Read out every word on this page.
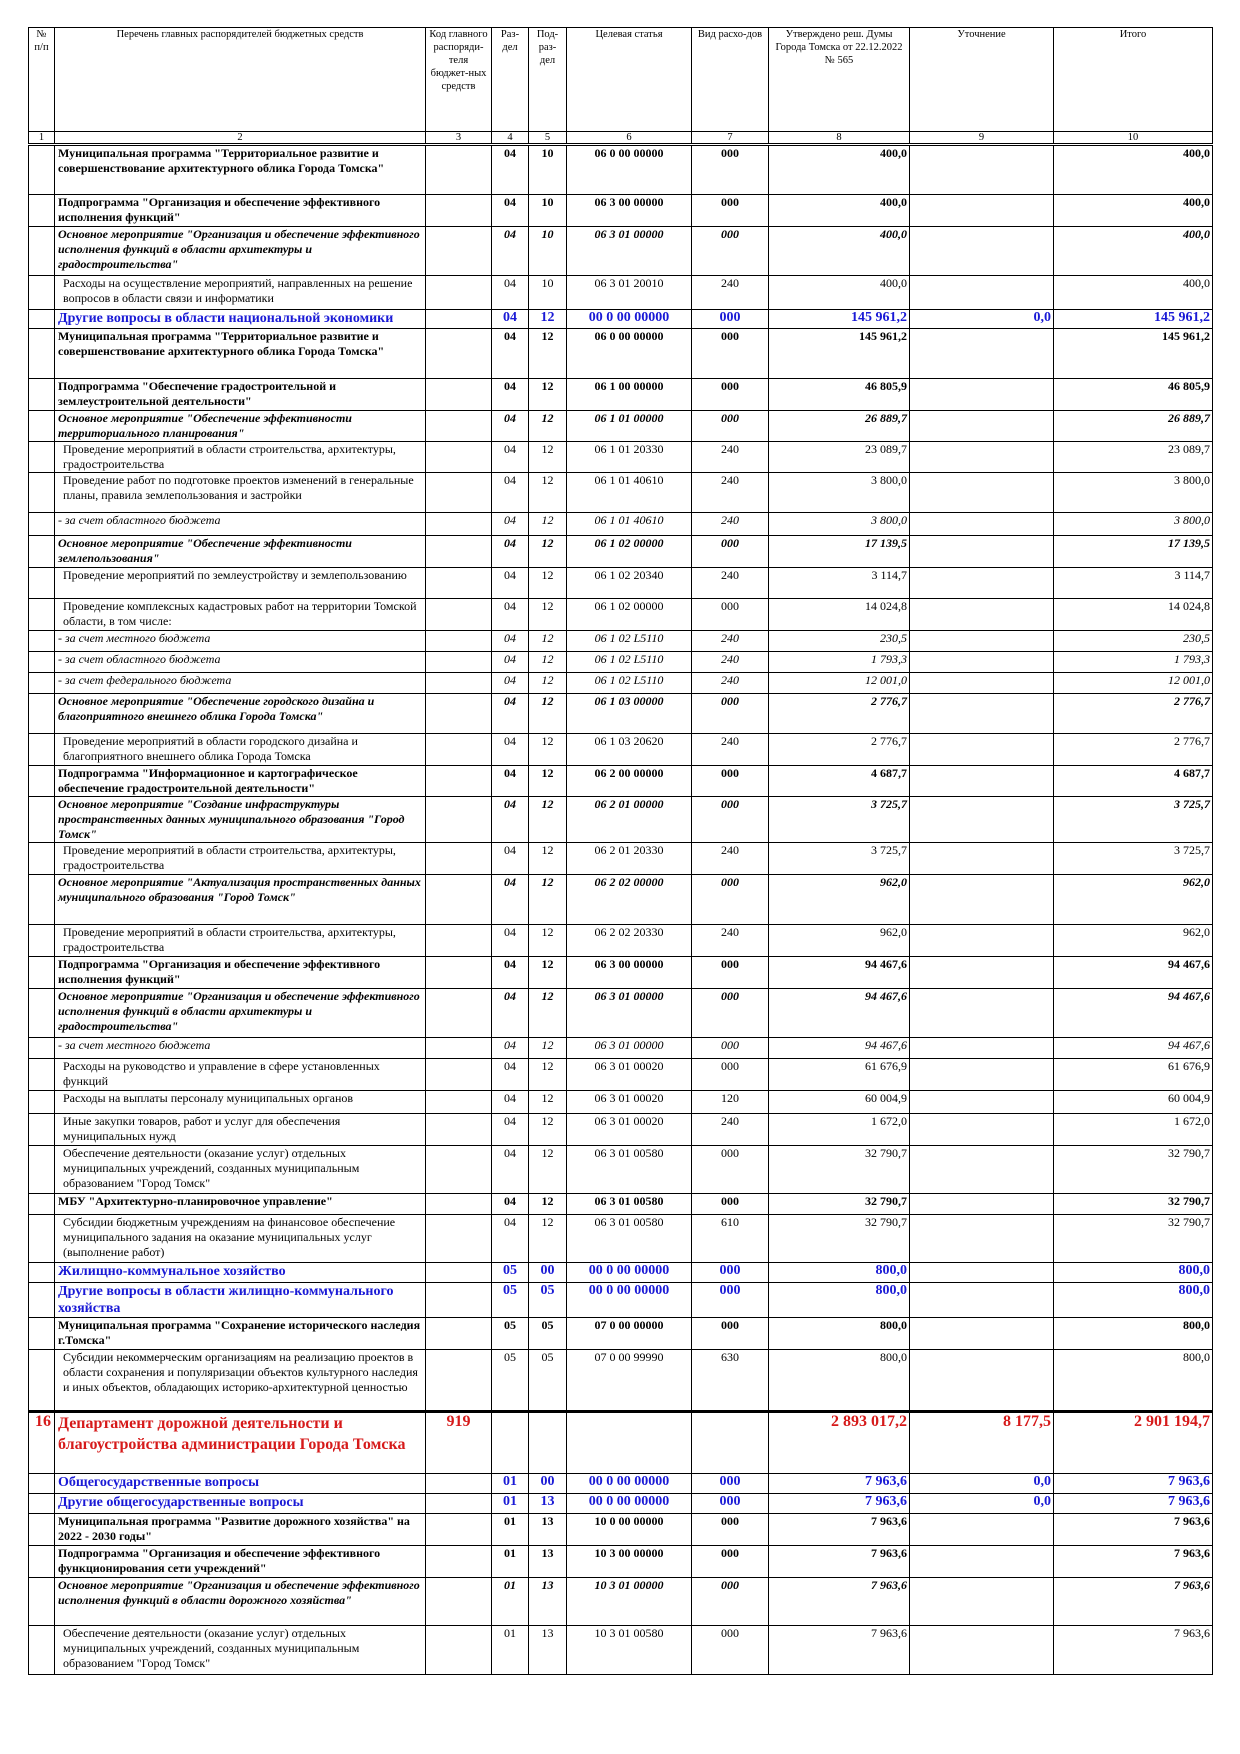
№ п/п	Перечень главных распорядителей бюджетных средств	Код главного распоряди-теля бюджет-ных средств	Раз-дел	Под-раз-дел	Целевая статья	Вид расхо-дов	Утверждено реш. Думы Города Томска от 22.12.2022 № 565	Уточнение	Итого
1	2	3	4	5	6	7	8	9	10
	Муниципальная программа "Территориальное развитие и совершенствование архитектурного облика Города Томска"		04	10	06 0 00 00000	000	400,0		400,0
	Подпрограмма "Организация и обеспечение эффективного исполнения функций"		04	10	06 3 00 00000	000	400,0		400,0
	Основное мероприятие "Организация и обеспечение эффективного исполнения функций в области архитектуры и градостроительства"		04	10	06 3 01 00000	000	400,0		400,0
	Расходы на осуществление мероприятий, направленных на решение вопросов в области связи и информатики		04	10	06 3 01 20010	240	400,0		400,0
	Другие вопросы в области национальной экономики		04	12	00 0 00 00000	000	145 961,2	0,0	145 961,2
	Муниципальная программа "Территориальное развитие и совершенствование архитектурного облика Города Томска"		04	12	06 0 00 00000	000	145 961,2		145 961,2
	Подпрограмма "Обеспечение градостроительной и землеустроительной деятельности"		04	12	06 1 00 00000	000	46 805,9		46 805,9
	Основное мероприятие "Обеспечение эффективности территориального планирования"		04	12	06 1 01 00000	000	26 889,7		26 889,7
	Проведение мероприятий в области строительства, архитектуры, градостроительства		04	12	06 1 01 20330	240	23 089,7		23 089,7
	Проведение работ по подготовке проектов изменений в генеральные планы, правила землепользования и застройки		04	12	06 1 01 40610	240	3 800,0		3 800,0
	- за счет областного бюджета		04	12	06 1 01 40610	240	3 800,0		3 800,0
	Основное мероприятие "Обеспечение эффективности землепользования"		04	12	06 1 02 00000	000	17 139,5		17 139,5
	Проведение мероприятий по землеустройству и землепользованию		04	12	06 1 02 20340	240	3 114,7		3 114,7
	Проведение комплексных кадастровых работ на территории Томской области, в том числе:		04	12	06 1 02 00000	000	14 024,8		14 024,8
	- за счет местного бюджета		04	12	06 1 02 L5110	240	230,5		230,5
	- за счет областного бюджета		04	12	06 1 02 L5110	240	1 793,3		1 793,3
	- за счет федерального бюджета		04	12	06 1 02 L5110	240	12 001,0		12 001,0
	Основное мероприятие "Обеспечение городского дизайна и благоприятного внешнего облика Города Томска"		04	12	06 1 03 00000	000	2 776,7		2 776,7
	Проведение мероприятий в области городского дизайна и благоприятного внешнего облика Города Томска		04	12	06 1 03 20620	240	2 776,7		2 776,7
	Подпрограмма "Информационное и картографическое обеспечение градостроительной деятельности"		04	12	06 2 00 00000	000	4 687,7		4 687,7
	Основное мероприятие "Создание инфраструктуры пространственных данных муниципального образования "Город Томск"		04	12	06 2 01 00000	000	3 725,7		3 725,7
	Проведение мероприятий в области строительства, архитектуры, градостроительства		04	12	06 2 01 20330	240	3 725,7		3 725,7
	Основное мероприятие "Актуализация пространственных данных муниципального образования "Город Томск"		04	12	06 2 02 00000	000	962,0		962,0
	Проведение мероприятий в области строительства, архитектуры, градостроительства		04	12	06 2 02 20330	240	962,0		962,0
	Подпрограмма "Организация и обеспечение эффективного исполнения функций"		04	12	06 3 00 00000	000	94 467,6		94 467,6
	Основное мероприятие "Организация и обеспечение эффективного исполнения функций в области архитектуры и градостроительства"		04	12	06 3 01 00000	000	94 467,6		94 467,6
	- за счет местного бюджета		04	12	06 3 01 00000	000	94 467,6		94 467,6
	Расходы на руководство и управление в сфере установленных функций		04	12	06 3 01 00020	000	61 676,9		61 676,9
	Расходы на выплаты персоналу муниципальных органов		04	12	06 3 01 00020	120	60 004,9		60 004,9
	Иные закупки товаров, работ и услуг для обеспечения муниципальных нужд		04	12	06 3 01 00020	240	1 672,0		1 672,0
	Обеспечение деятельности (оказание услуг) отдельных муниципальных учреждений, созданных муниципальным образованием "Город Томск"		04	12	06 3 01 00580	000	32 790,7		32 790,7
	МБУ "Архитектурно-планировочное управление"		04	12	06 3 01 00580	000	32 790,7		32 790,7
	Субсидии бюджетным учреждениям на финансовое обеспечение муниципального задания на оказание муниципальных услуг (выполнение работ)		04	12	06 3 01 00580	610	32 790,7		32 790,7
	Жилищно-коммунальное хозяйство		05	00	00 0 00 00000	000	800,0		800,0
	Другие вопросы в области жилищно-коммунального хозяйства		05	05	00 0 00 00000	000	800,0		800,0
	Муниципальная программа "Сохранение исторического наследия г.Томска"		05	05	07 0 00 00000	000	800,0		800,0
	Субсидии некоммерческим организациям на реализацию проектов в области сохранения и популяризации объектов культурного наследия и иных объектов, обладающих историко-архитектурной ценностью		05	05	07 0 00 99990	630	800,0		800,0
16	Департамент дорожной деятельности и благоустройства администрации Города Томска	919					2 893 017,2	8 177,5	2 901 194,7
	Общегосударственные вопросы		01	00	00 0 00 00000	000	7 963,6	0,0	7 963,6
	Другие общегосударственные вопросы		01	13	00 0 00 00000	000	7 963,6	0,0	7 963,6
	Муниципальная программа "Развитие дорожного хозяйства" на 2022 - 2030 годы"		01	13	10 0 00 00000	000	7 963,6		7 963,6
	Подпрограмма "Организация и обеспечение эффективного функционирования сети учреждений"		01	13	10 3 00 00000	000	7 963,6		7 963,6
	Основное мероприятие "Организация и обеспечение эффективного исполнения функций в области дорожного хозяйства"		01	13	10 3 01 00000	000	7 963,6		7 963,6
	Обеспечение деятельности (оказание услуг) отдельных муниципальных учреждений, созданных муниципальным образованием "Город Томск"		01	13	10 3 01 00580	000	7 963,6		7 963,6
